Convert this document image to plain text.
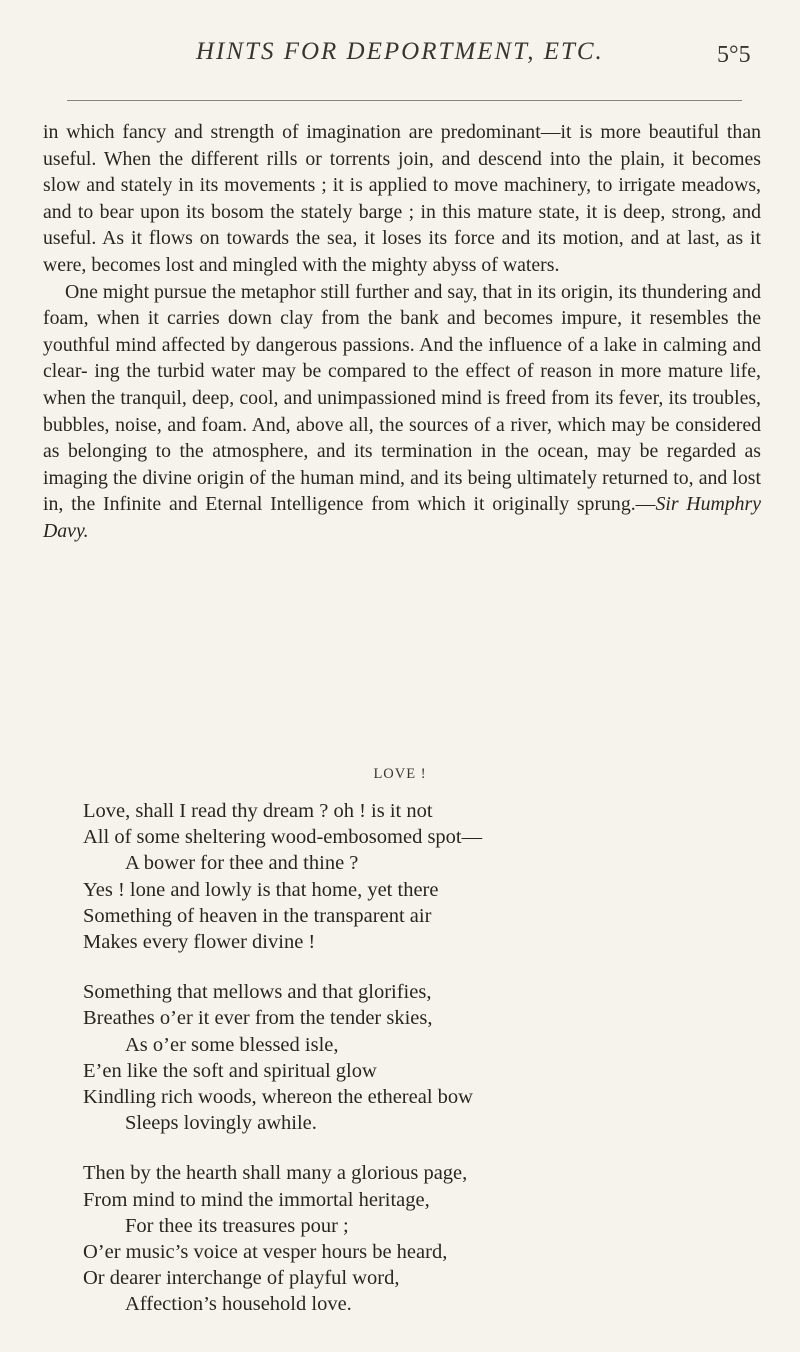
HINTS FOR DEPORTMENT, ETC.	5°5

in which fancy and strength of imagination are predominant—it is more beautiful than useful. When the different rills or torrents join, and descend into the plain, it becomes slow and stately in its movements ; it is applied to move machinery, to irrigate meadows, and to bear upon its bosom the stately barge ; in this mature state, it is deep, strong, and useful. As it flows on towards the sea, it loses its force and its motion, and at last, as it were, becomes lost and mingled with the mighty abyss of waters.

One might pursue the metaphor still further and say, that in its origin, its thundering and foam, when it carries down clay from the bank and becomes impure, it resembles the youthful mind affected by dangerous passions. And the influence of a lake in calming and clear- ing the turbid water may be compared to the effect of reason in more mature life, when the tranquil, deep, cool, and unimpassioned mind is freed from its fever, its troubles, bubbles, noise, and foam. And, above all, the sources of a river, which may be considered as belonging to the atmosphere, and its termination in the ocean, may be regarded as imaging the divine origin of the human mind, and its being ultimately returned to, and lost in, the Infinite and Eternal Intelligence from which it originally sprung.—Sir Humphry Davy.

LOVE !
Love, shall I read thy dream ? oh ! is it not
All of some sheltering wood-embosomed spot—
A bower for thee and thine ?
Yes ! lone and lowly is that home, yet there
Something of heaven in the transparent air
Makes every flower divine !
Something that mellows and that glorifies,
Breathes o’er it ever from the tender skies,
As o’er some blessed isle,
E’en like the soft and spiritual glow
Kindling rich woods, whereon the ethereal bow
Sleeps lovingly awhile.
Then by the hearth shall many a glorious page,
From mind to mind the immortal heritage,
For thee its treasures pour ;
O’er music’s voice at vesper hours be heard,
Or dearer interchange of playful word,
Affection’s household love.
